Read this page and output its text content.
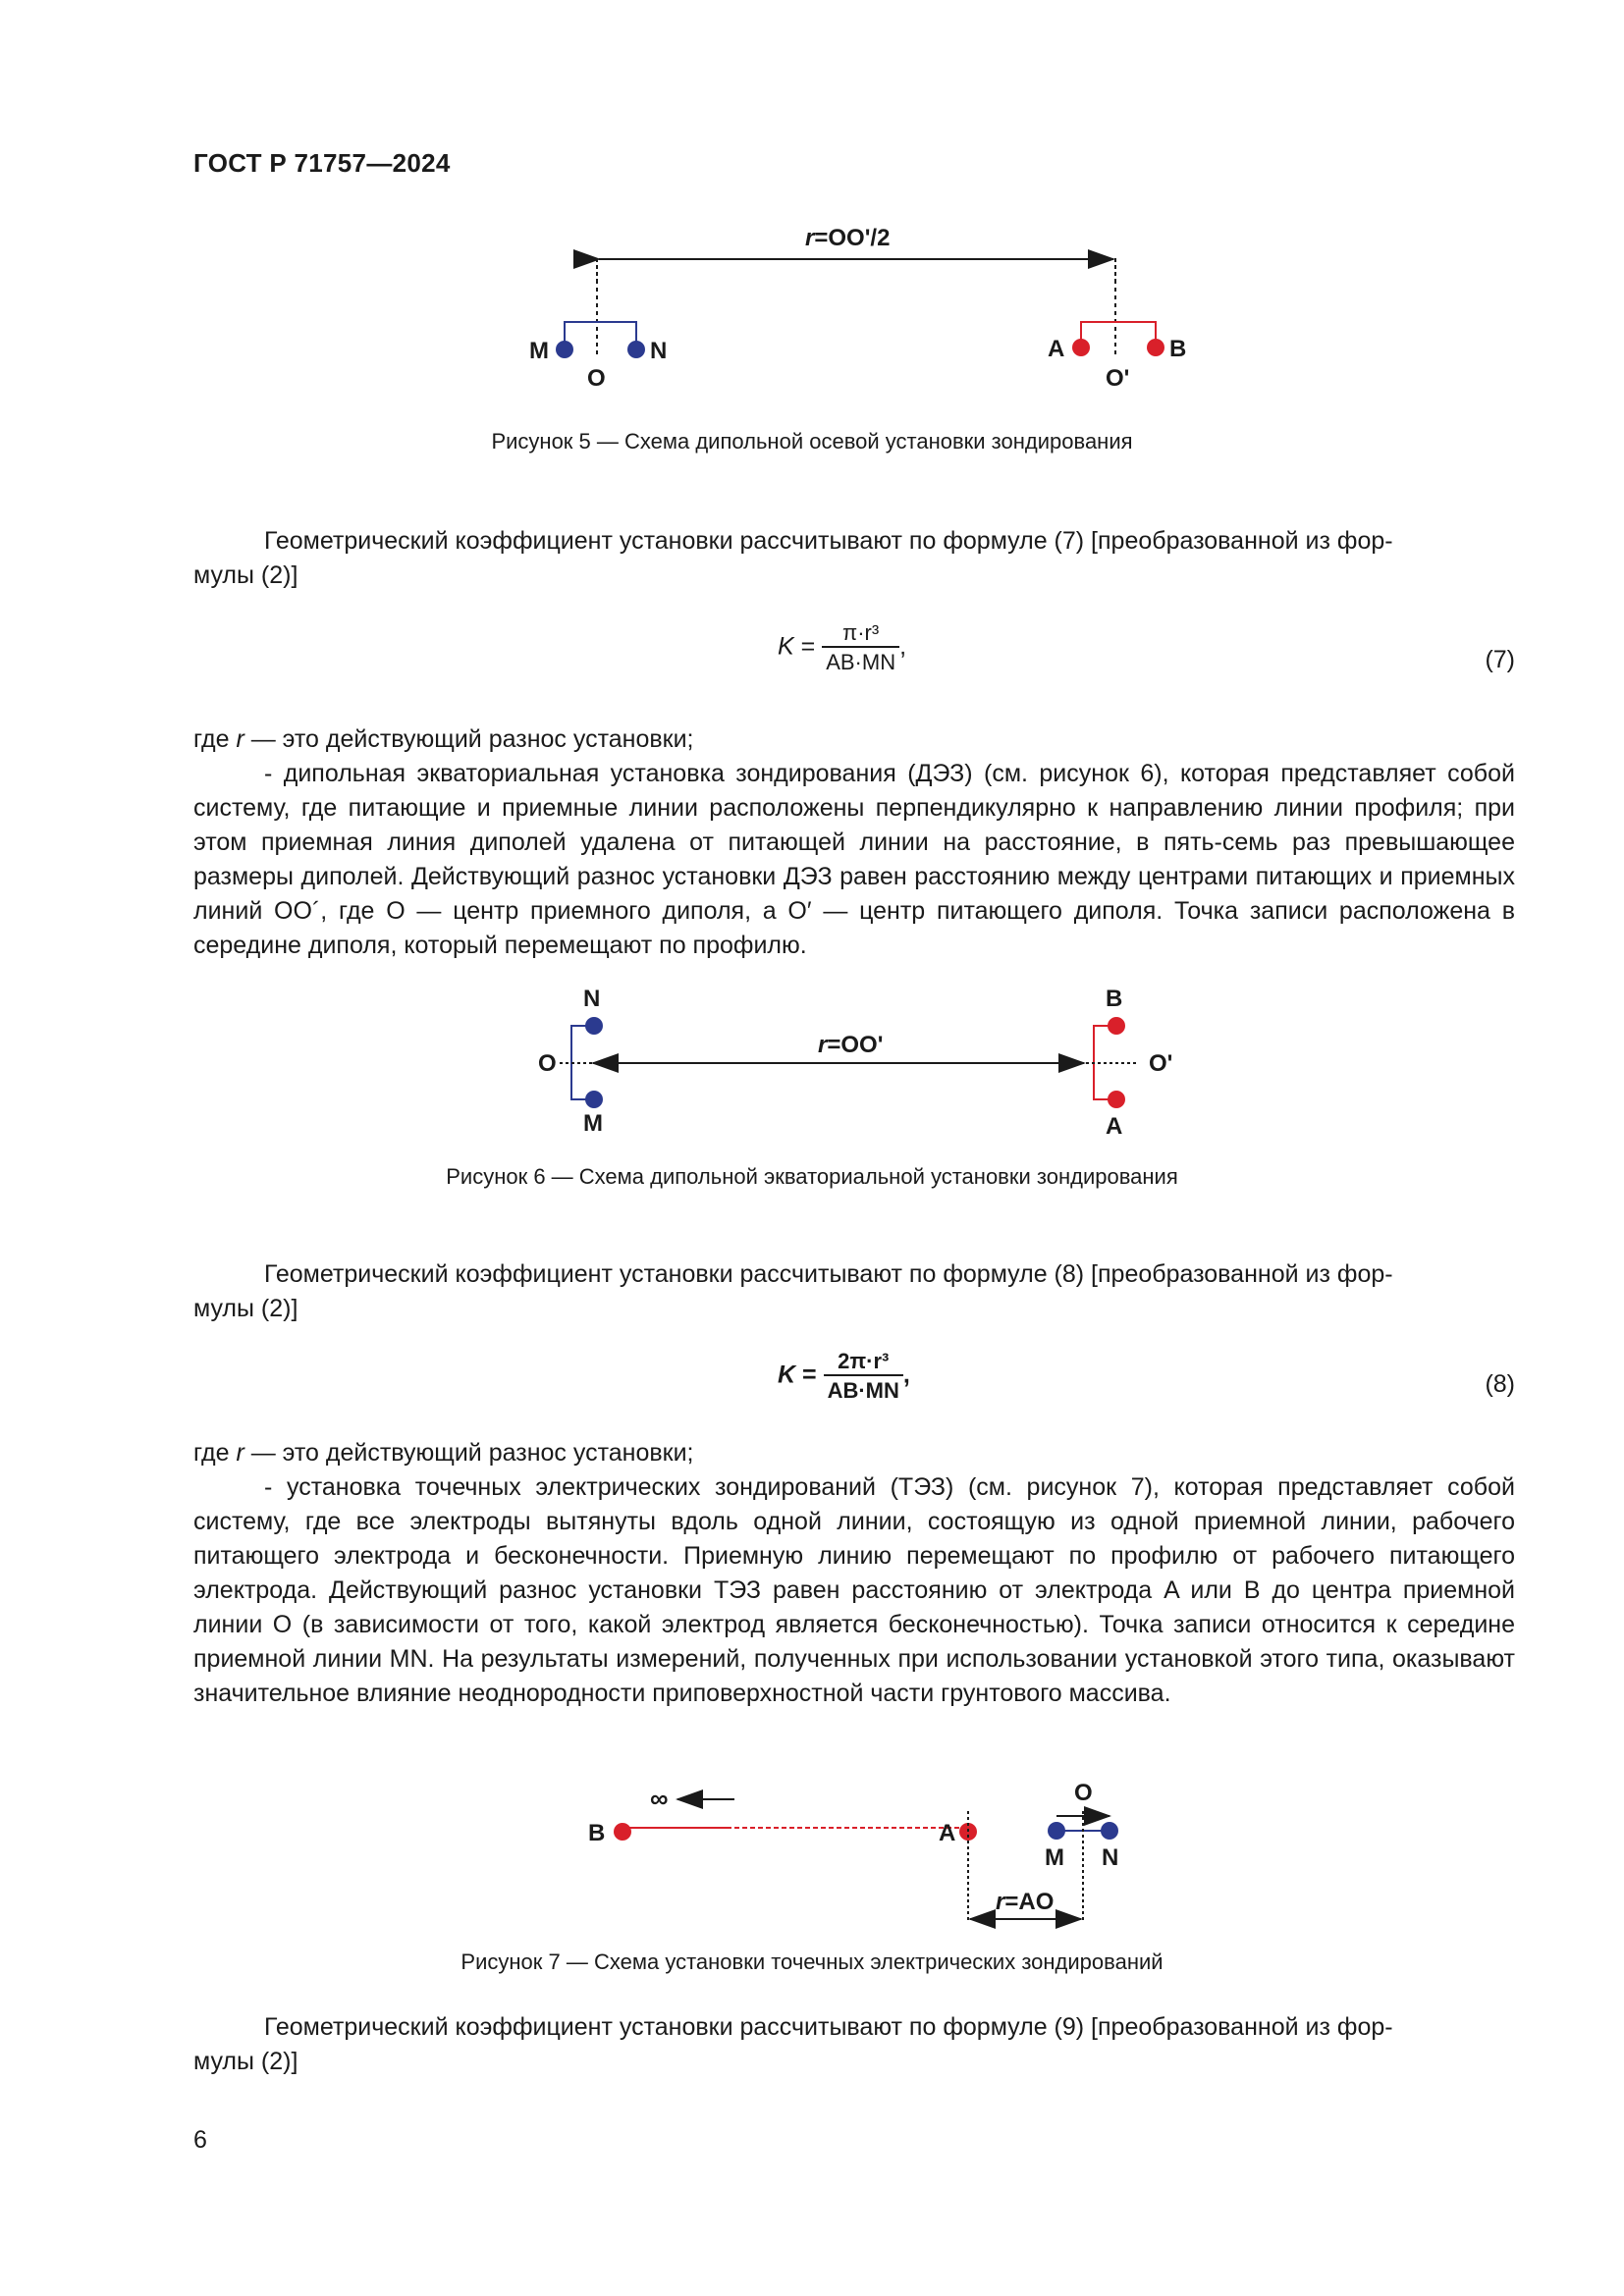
ГОСТ Р 71757—2024
r=OO'/2
M	N
O
A	B
O'
Рисунок 5 — Схема дипольной осевой установки зондирования

Геометрический коэффициент установки рассчитывают по формуле (7) [преобразованной из фор-

мулы (2)]

$K = \frac{\text{π·r³}}{AB\cdot MN}$ ,	(7)

где r — это действующий разнос установки;

- дипольная экваториальная установка зондирования (ДЭЗ) (см. рисунок 6), которая представляет собой систему, где питающие и приемные линии расположены перпендикулярно к направлению линии профиля; при этом приемная линия диполей удалена от питающей линии на расстояние, в пять-семь раз превышающее размеры диполей. Действующий разнос установки ДЭЗ равен расстоянию между центрами питающих и приемных линий OO´, где O — центр приемного диполя, а O′ — центр питающего диполя. Точка записи расположена в середине диполя, который перемещают по профилю.

N
M
O
r=OO'
B
A
O'
Рисунок 6 — Схема дипольной экваториальной установки зондирования

Геометрический коэффициент установки рассчитывают по формуле (8) [преобразованной из фор-

мулы (2)]

$K = \frac{\text{2π·r³}}{AB\cdot MN}$ ,	(8)

где r — это действующий разнос установки;

- установка точечных электрических зондирований (ТЭЗ) (см. рисунок 7), которая представляет собой систему, где все электроды вытянуты вдоль одной линии, состоящую из одной приемной линии, рабочего питающего электрода и бесконечности. Приемную линию перемещают по профилю от рабочего питающего электрода. Действующий разнос установки ТЭЗ равен расстоянию от электрода A или B до центра приемной линии O (в зависимости от того, какой электрод является бесконечностью). Точка записи относится к середине приемной линии MN. На результаты измерений, полученных при использовании установкой этого типа, оказывают значительное влияние неоднородности приповерхностной части грунтового массива.

∞
B	A
O
M N
r=AO
Рисунок 7 — Схема установки точечных электрических зондирований

Геометрический коэффициент установки рассчитывают по формуле (9) [преобразованной из фор-

мулы (2)]

6
